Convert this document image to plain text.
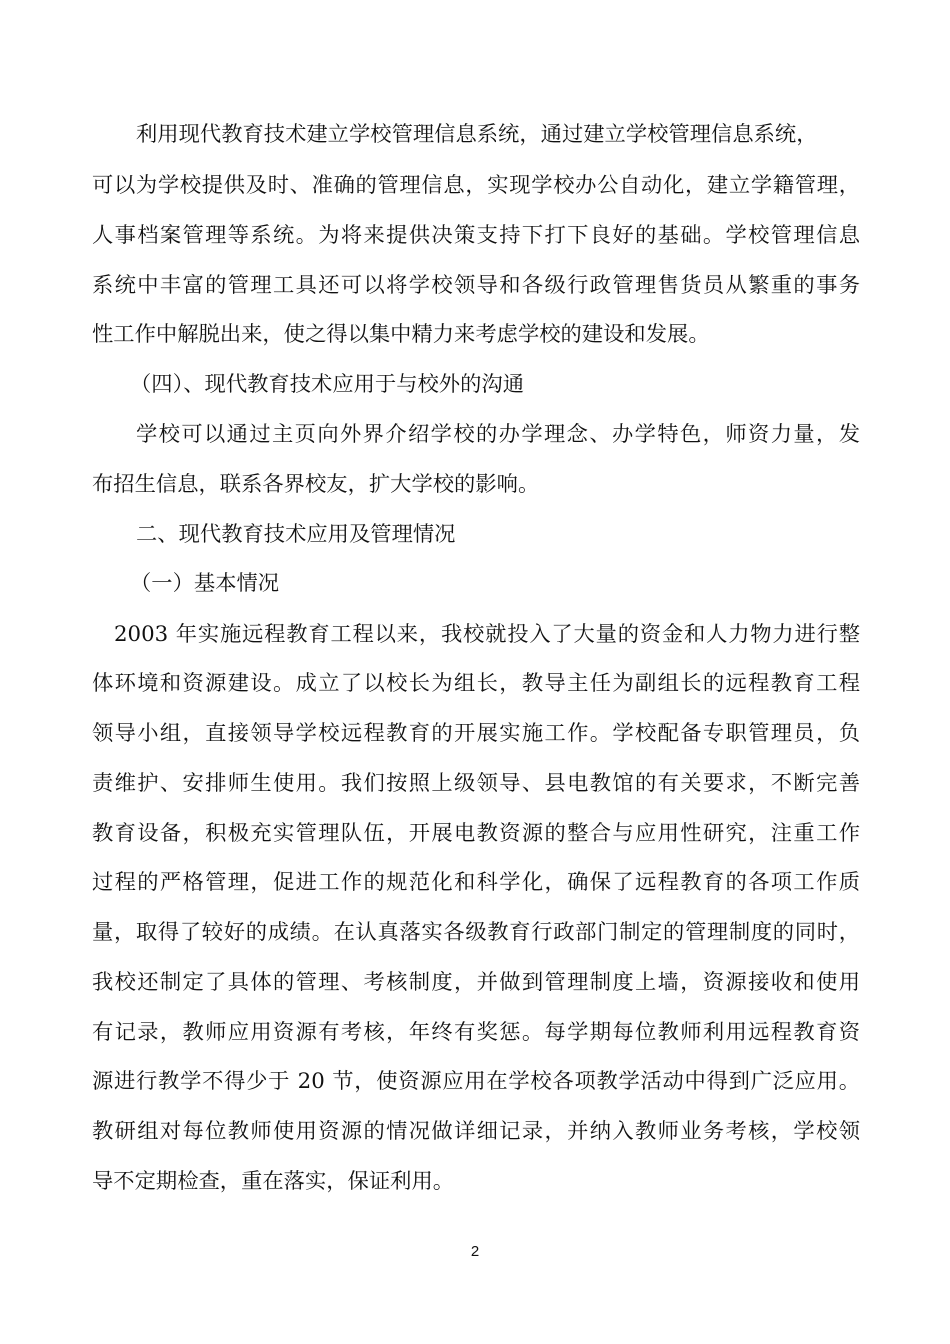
利用现代教育技术建立学校管理信息系统，通过建立学校管理信息系统，
可以为学校提供及时、准确的管理信息，实现学校办公自动化，建立学籍管理，
人事档案管理等系统。为将来提供决策支持下打下良好的基础。学校管理信息
系统中丰富的管理工具还可以将学校领导和各级行政管理售货员从繁重的事务
性工作中解脱出来，使之得以集中精力来考虑学校的建设和发展。
（四）、现代教育技术应用于与校外的沟通
学校可以通过主页向外界介绍学校的办学理念、办学特色，师资力量，发
布招生信息，联系各界校友，扩大学校的影响。
二、现代教育技术应用及管理情况
（一）基本情况
2003 年实施远程教育工程以来，我校就投入了大量的资金和人力物力进行整
体环境和资源建设。成立了以校长为组长，教导主任为副组长的远程教育工程
领导小组，直接领导学校远程教育的开展实施工作。学校配备专职管理员，负
责维护、安排师生使用。我们按照上级领导、县电教馆的有关要求，不断完善
教育设备，积极充实管理队伍，开展电教资源的整合与应用性研究，注重工作
过程的严格管理，促进工作的规范化和科学化，确保了远程教育的各项工作质
量，取得了较好的成绩。在认真落实各级教育行政部门制定的管理制度的同时，
我校还制定了具体的管理、考核制度，并做到管理制度上墙，资源接收和使用
有记录，教师应用资源有考核，年终有奖惩。每学期每位教师利用远程教育资
源进行教学不得少于 20 节，使资源应用在学校各项教学活动中得到广泛应用。
教研组对每位教师使用资源的情况做详细记录，并纳入教师业务考核，学校领
导不定期检查，重在落实，保证利用。
2
